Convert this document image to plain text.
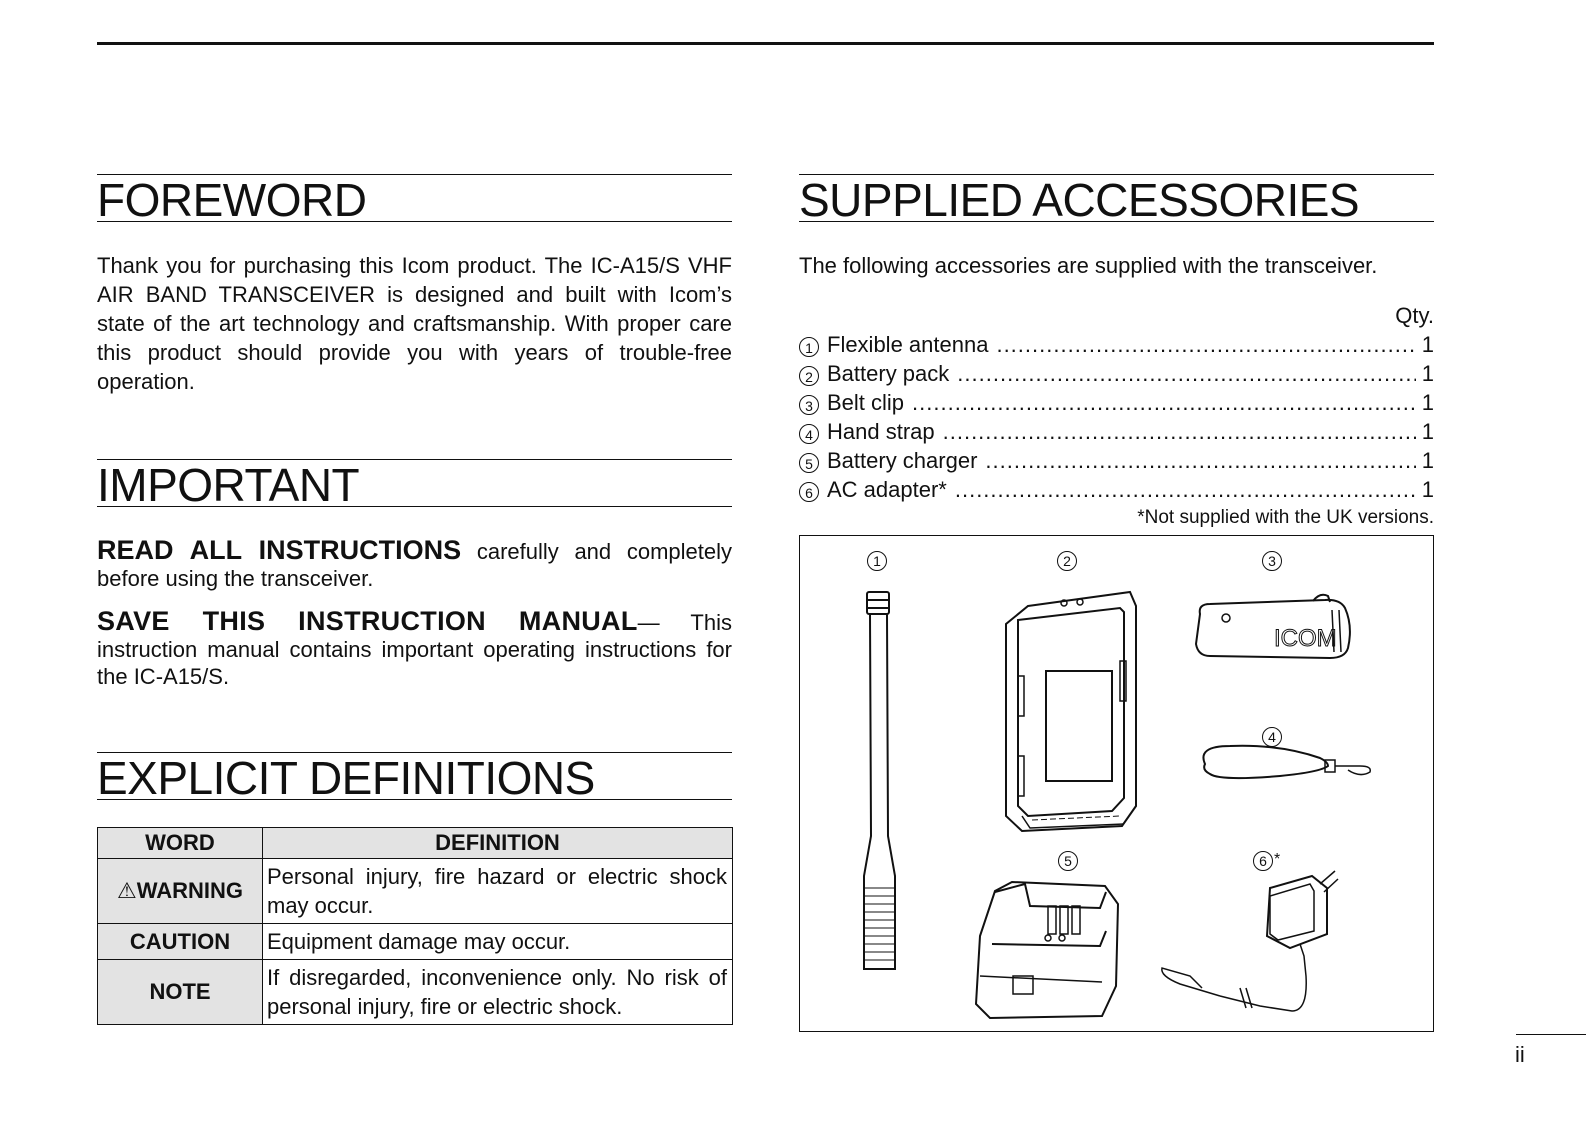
FOREWORD

Thank you for purchasing this Icom product. The IC-A15/S VHF AIR BAND TRANSCEIVER is designed and built with Icom’s state of the art technology and craftsmanship. With proper care this product should provide you with years of trouble-free operation.

IMPORTANT

READ ALL INSTRUCTIONS carefully and completely before using the transceiver.

SAVE THIS INSTRUCTION MANUAL— This instruction manual contains important operating instructions for the IC-A15/S.

EXPLICIT DEFINITIONS
WORD	DEFINITION
⚠WARNING	Personal injury, fire hazard or electric shock may occur.
CAUTION	Equipment damage may occur.
NOTE	If disregarded, inconvenience only. No risk of personal injury, fire or electric shock.
SUPPLIED ACCESSORIES

The following accessories are supplied with the transceiver.

Qty.
1 Flexible antenna .....	1
2 Battery pack .....	1
3 Belt clip .....	1
4 Hand strap .....	1
5 Battery charger .....	1
6 AC adapter* .....	1
*Not supplied with the UK versions.
1	2	3
4
5	6 *
ICOM
ii
